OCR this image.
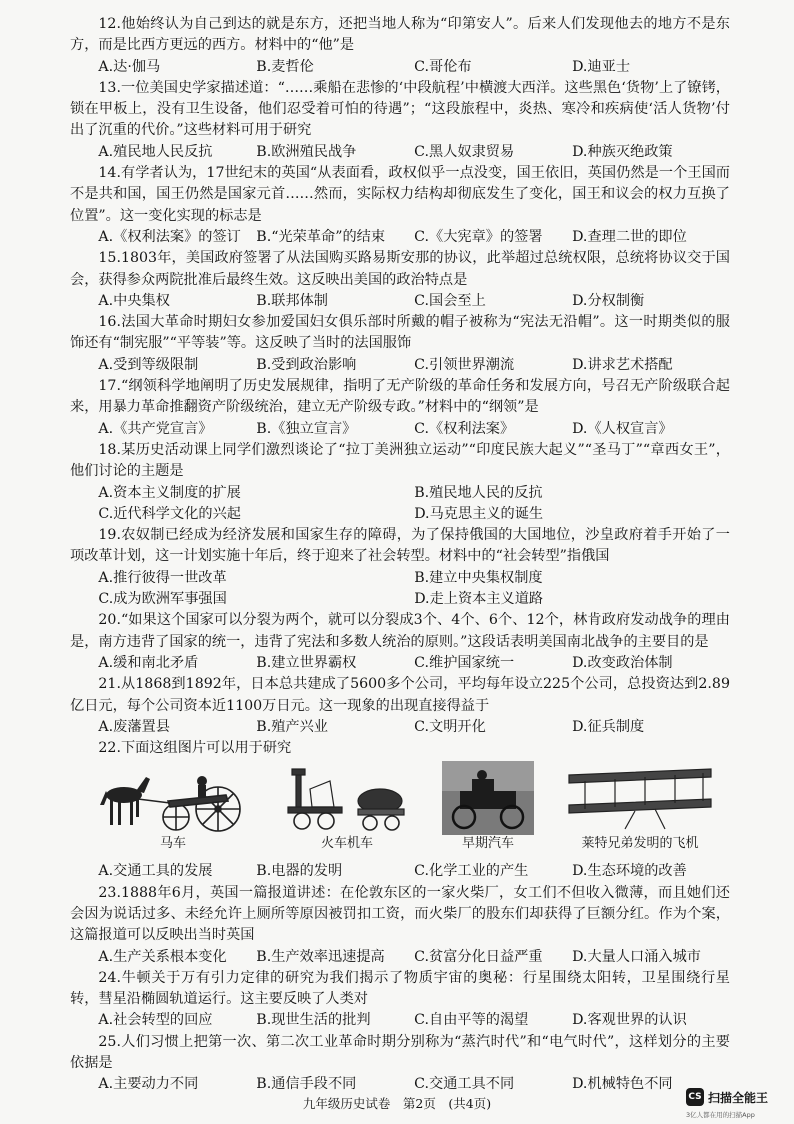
12.他始终认为自己到达的就是东方，还把当地人称为“印第安人”。后来人们发现他去的地方不是东方，而是比西方更远的西方。材料中的“他”是

A.达·伽马	B.麦哲伦	C.哥伦布	D.迪亚士

13.一位美国史学家描述道：“……乘船在悲惨的‘中段航程’中横渡大西洋。这些黑色‘货物’上了镣铐，锁在甲板上，没有卫生设备，他们忍受着可怕的待遇”；“这段旅程中，炎热、寒冷和疾病使‘活人货物’付出了沉重的代价。”这些材料可用于研究

A.殖民地人民反抗	B.欧洲殖民战争	C.黑人奴隶贸易	D.种族灭绝政策

14.有学者认为，17世纪末的英国“从表面看，政权似乎一点没变，国王依旧，英国仍然是一个王国而不是共和国，国王仍然是国家元首……然而，实际权力结构却彻底发生了变化，国王和议会的权力互换了位置”。这一变化实现的标志是

A.《权利法案》的签订	B.“光荣革命”的结束	C.《大宪章》的签署	D.查理二世的即位

15.1803年，美国政府签署了从法国购买路易斯安那的协议，此举超过总统权限，总统将协议交于国会，获得参众两院批准后最终生效。这反映出美国的政治特点是

A.中央集权	B.联邦体制	C.国会至上	D.分权制衡

16.法国大革命时期妇女参加爱国妇女俱乐部时所戴的帽子被称为“宪法无沿帽”。这一时期类似的服饰还有“制宪服”“平等装”等。这反映了当时的法国服饰

A.受到等级限制	B.受到政治影响	C.引领世界潮流	D.讲求艺术搭配

17.“纲领科学地阐明了历史发展规律，指明了无产阶级的革命任务和发展方向，号召无产阶级联合起来，用暴力革命推翻资产阶级统治，建立无产阶级专政。”材料中的“纲领”是

A.《共产党宣言》	B.《独立宣言》	C.《权利法案》	D.《人权宣言》

18.某历史活动课上同学们激烈谈论了“拉丁美洲独立运动”“印度民族大起义”“圣马丁”“章西女王”，他们讨论的主题是

A.资本主义制度的扩展	B.殖民地人民的反抗
C.近代科学文化的兴起	D.马克思主义的诞生

19.农奴制已经成为经济发展和国家生存的障碍，为了保持俄国的大国地位，沙皇政府着手开始了一项改革计划，这一计划实施十年后，终于迎来了社会转型。材料中的“社会转型”指俄国

A.推行彼得一世改革	B.建立中央集权制度
C.成为欧洲军事强国	D.走上资本主义道路

20.“如果这个国家可以分裂为两个，就可以分裂成3个、4个、6个、12个，林肯政府发动战争的理由是，南方违背了国家的统一，违背了宪法和多数人统治的原则。”这段话表明美国南北战争的主要目的是

A.缓和南北矛盾	B.建立世界霸权	C.维护国家统一	D.改变政治体制

21.从1868到1892年，日本总共建成了5600多个公司，平均每年设立225个公司，总投资达到2.89亿日元，每个公司资本近1100万日元。这一现象的出现直接得益于

A.废藩置县	B.殖产兴业	C.文明开化	D.征兵制度

22.下面这组图片可以用于研究

马车	火车机车	早期汽车	莱特兄弟发明的飞机
A.交通工具的发展	B.电器的发明	C.化学工业的产生	D.生态环境的改善

23.1888年6月，英国一篇报道讲述：在伦敦东区的一家火柴厂，女工们不但收入微薄，而且她们还会因为说话过多、未经允许上厕所等原因被罚扣工资，而火柴厂的股东们却获得了巨额分红。作为个案，这篇报道可以反映出当时英国

A.生产关系根本变化	B.生产效率迅速提高	C.贫富分化日益严重	D.大量人口涌入城市

24.牛顿关于万有引力定律的研究为我们揭示了物质宇宙的奥秘：行星围绕太阳转，卫星围绕行星转，彗星沿椭圆轨道运行。这主要反映了人类对

A.社会转型的回应	B.现世生活的批判	C.自由平等的渴望	D.客观世界的认识

25.人们习惯上把第一次、第二次工业革命时期分别称为“蒸汽时代”和“电气时代”，这样划分的主要依据是

A.主要动力不同	B.通信手段不同	C.交通工具不同	D.机械特色不同
九年级历史试卷　第2页　(共4页)	CS 扫描全能王
3亿人都在用的扫描App
